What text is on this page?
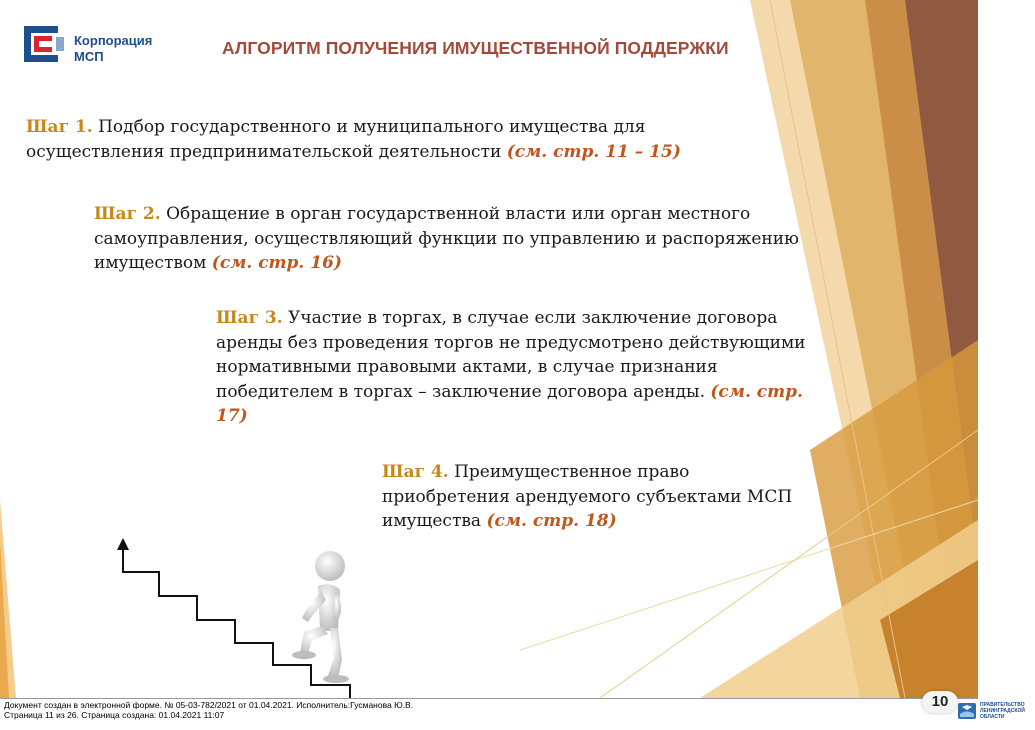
Корпорация
МСП	АЛГОРИТМ ПОЛУЧЕНИЯ ИМУЩЕСТВЕННОЙ ПОДДЕРЖКИ

Шаг 1. Подбор государственного и муниципального имущества для осуществления предпринимательской деятельности (см. стр. 11 – 15)

Шаг 2. Обращение в орган государственной власти или орган местного самоуправления, осуществляющий функции по управлению и распоряжению имуществом (см. стр. 16)

Шаг 3. Участие в торгах, в случае если заключение договора аренды без проведения торгов не предусмотрено действующими нормативными правовыми актами, в случае признания победителем в торгах – заключение договора аренды. (см. стр. 17)

Шаг 4. Преимущественное право приобретения арендуемого субъектами МСП имущества (см. стр. 18)

Документ создан в электронной форме. № 05-03-782/2021 от 01.04.2021. Исполнитель:Гусманова Ю.В.
Страница 11 из 26. Страница создана: 01.04.2021 11:07
10	ПРАВИТЕЛЬСТВО
ЛЕНИНГРАДСКОЙ
ОБЛАСТИ
